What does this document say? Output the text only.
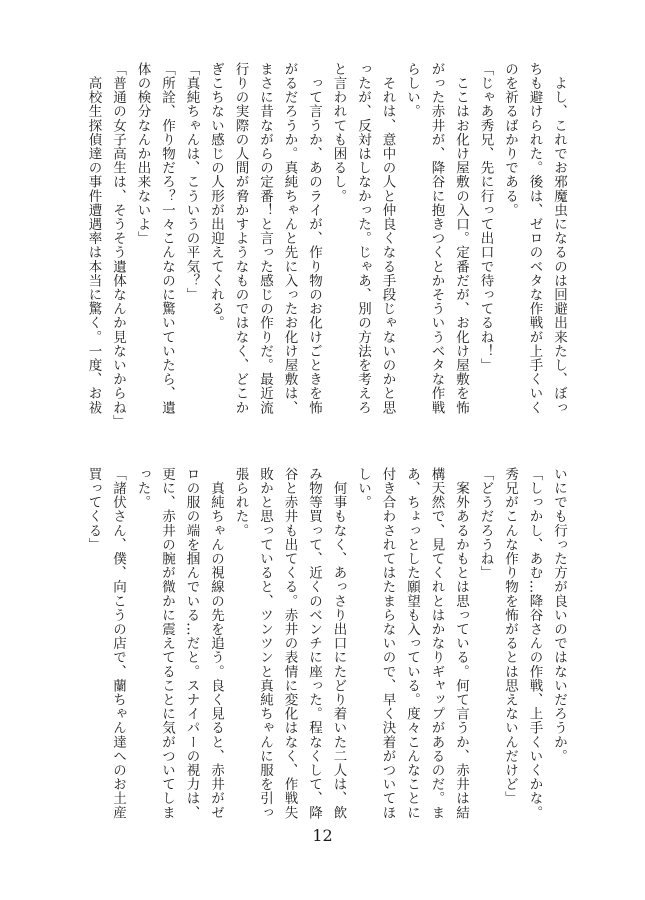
　よし、これでお邪魔虫になるのは回避出来たし、ぼっ
ちも避けられた。後は、ゼロのベタな作戦が上手くいく
のを祈るばかりである。
「じゃあ秀兄、先に行って出口で待ってるね！」
　ここはお化け屋敷の入口。定番だが、お化け屋敷を怖
がった赤井が、降谷に抱きつくとかそういうベタな作戦
らしい。
　それは、意中の人と仲良くなる手段じゃないのかと思
ったが、反対はしなかった。じゃあ、別の方法を考えろ
と言われても困るし。
　って言うか、あのライが、作り物のお化けごときを怖
がるだろうか。真純ちゃんと先に入ったお化け屋敷は、
まさに昔ながらの定番！と言った感じの作りだ。最近流
行りの実際の人間が脅かすようなものではなく、どこか
ぎこちない感じの人形が出迎えてくれる。
「真純ちゃんは、こういうの平気？」
「所詮、作り物だろ？一々こんなのに驚いていたら、遺
体の検分なんか出来ないよ」
「普通の女子高生は、そうそう遺体なんか見ないからね」
　高校生探偵達の事件遭遇率は本当に驚く。一度、お祓
いにでも行った方が良いのではないだろうか。
「しっかし、あむ…降谷さんの作戦、上手くいくかな。
秀兄がこんな作り物を怖がるとは思えないんだけど」
「どうだろうね」
　案外あるかもとは思っている。何て言うか、赤井は結
構天然で、見てくれとはかなりギャップがあるのだ。ま
あ、ちょっとした願望も入っている。度々こんなことに
付き合わされてはたまらないので、早く決着がついてほ
しい。
　何事もなく、あっさり出口にたどり着いた二人は、飲
み物等買って、近くのベンチに座った。程なくして、降
谷と赤井も出てくる。赤井の表情に変化はなく、作戦失
敗かと思っていると、ツンツンと真純ちゃんに服を引っ
張られた。
　真純ちゃんの視線の先を追う。良く見ると、赤井がゼ
ロの服の端を掴んでいる…だと。スナイパーの視力は、
更に、赤井の腕が微かに震えてることに気がついてしま
った。
「諸伏さん、僕、向こうの店で、蘭ちゃん達へのお土産
買ってくる」
12
